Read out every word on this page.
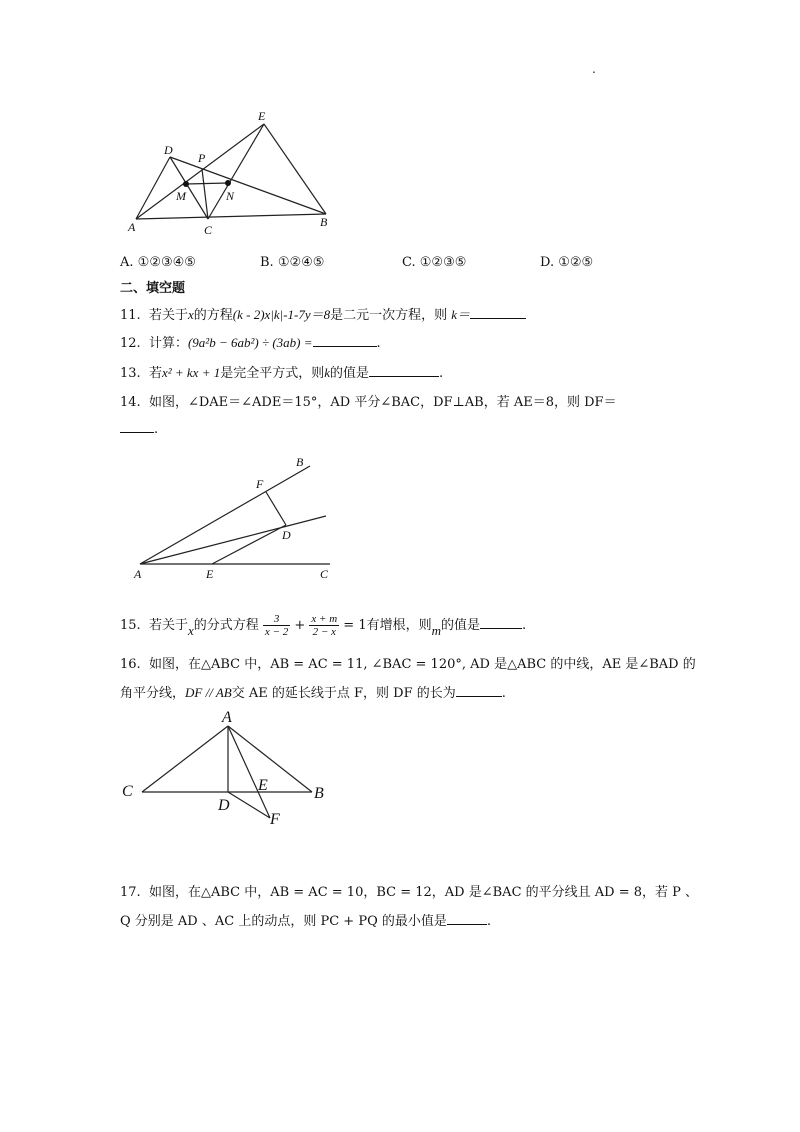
.
A	B
C
D
E
P
M	N
A. ①②③④⑤	B. ①②④⑤	C. ①②③⑤	D. ①②⑤
二、填空题
11. 若关于x的方程(k - 2)x|k|-1-7y＝8是二元一次方程，则 k＝
12. 计算：(9a²b − 6ab²) ÷ (3ab) =	.
13. 若x² + kx + 1是完全平方式，则k的值是	.
14. 如图，∠DAE＝∠ADE＝15°，AD 平分∠BAC，DF⊥AB，若 AE＝8，则 DF＝
.
A
B
C
D
E
F
15. 若关于x的分式方程 $\frac{3}{x - 2} + \frac{x + m}{2 - x} = 1$有增根，则m的值是	.
16. 如图，在△ABC 中，AB = AC = 11, ∠BAC = 120°, AD 是△ABC 的中线，AE 是∠BAD 的
角平分线，DF // AB交 AE 的延长线于点 F，则 DF 的长为	.
A
B
C
D
E
F
17. 如图，在△ABC 中，AB = AC = 10，BC = 12，AD 是∠BAC 的平分线且 AD = 8，若 P 、
Q 分别是 AD 、AC 上的动点，则 PC + PQ 的最小值是	.
